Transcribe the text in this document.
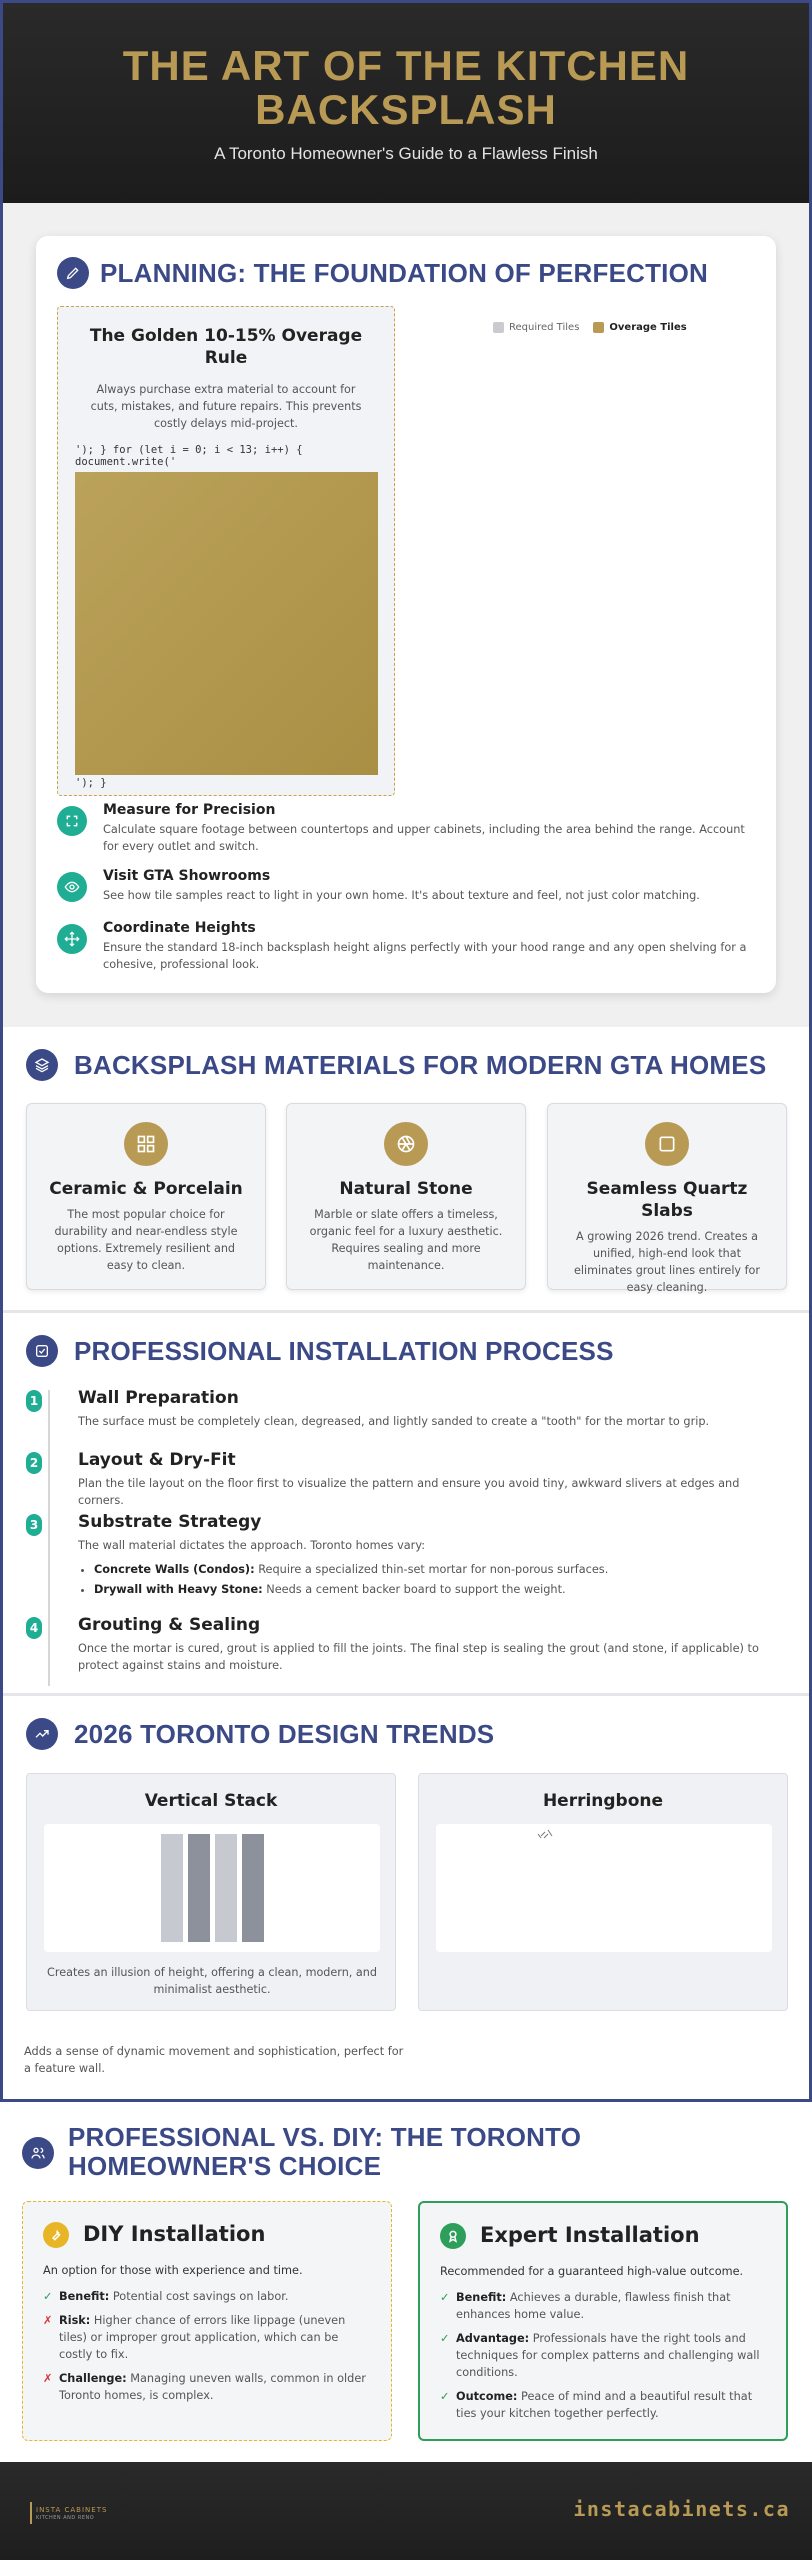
THE ART OF THE KITCHEN BACKSPLASH
A Toronto Homeowner's Guide to a Flawless Finish
PLANNING: THE FOUNDATION OF PERFECTION
The Golden 10-15% Overage Rule

Always purchase extra material to account for cuts, mistakes, and future repairs. This prevents costly delays mid-project.

'); } for (let i = 0; i < 13; i++) { document.write('
'); }
Required Tiles	Overage Tiles
Measure for Precision

Calculate square footage between countertops and upper cabinets, including the area behind the range. Account for every outlet and switch.

Visit GTA Showrooms

See how tile samples react to light in your own home. It's about texture and feel, not just color matching.

Coordinate Heights

Ensure the standard 18-inch backsplash height aligns perfectly with your hood range and any open shelving for a cohesive, professional look.

BACKSPLASH MATERIALS FOR MODERN GTA HOMES
Ceramic & Porcelain

The most popular choice for durability and near-endless style options. Extremely resilient and easy to clean.

Natural Stone

Marble or slate offers a timeless, organic feel for a luxury aesthetic. Requires sealing and more maintenance.

Seamless Quartz Slabs

A growing 2026 trend. Creates a unified, high-end look that eliminates grout lines entirely for easy cleaning.

PROFESSIONAL INSTALLATION PROCESS
1 Wall Preparation

The surface must be completely clean, degreased, and lightly sanded to create a "tooth" for the mortar to grip.

2 Layout & Dry-Fit

Plan the tile layout on the floor first to visualize the pattern and ensure you avoid tiny, awkward slivers at edges and corners.

3 Substrate Strategy

The wall material dictates the approach. Toronto homes vary:

• Concrete Walls (Condos): Require a specialized thin-set mortar for non-porous surfaces.
• Drywall with Heavy Stone: Needs a cement backer board to support the weight.
4 Grouting & Sealing

Once the mortar is cured, grout is applied to fill the joints. The final step is sealing the grout (and stone, if applicable) to protect against stains and moisture.

2026 TORONTO DESIGN TRENDS
Vertical Stack

Creates an illusion of height, offering a clean, modern, and minimalist aesthetic.

Herringbone
Adds a sense of dynamic movement and sophistication, perfect for a feature wall.
PROFESSIONAL VS. DIY: THE TORONTO HOMEOWNER'S CHOICE
DIY Installation
An option for those with experience and time.
✓ Benefit: Potential cost savings on labor.
✗ Risk: Higher chance of errors like lippage (uneven tiles) or improper grout application, which can be costly to fix.
✗ Challenge: Managing uneven walls, common in older Toronto homes, is complex.
Expert Installation
Recommended for a guaranteed high-value outcome.
✓ Benefit: Achieves a durable, flawless finish that enhances home value.
✓ Advantage: Professionals have the right tools and techniques for complex patterns and challenging wall conditions.
✓ Outcome: Peace of mind and a beautiful result that ties your kitchen together perfectly.
INSTA CABINETS
KITCHEN AND RENO	instacabinets.ca
